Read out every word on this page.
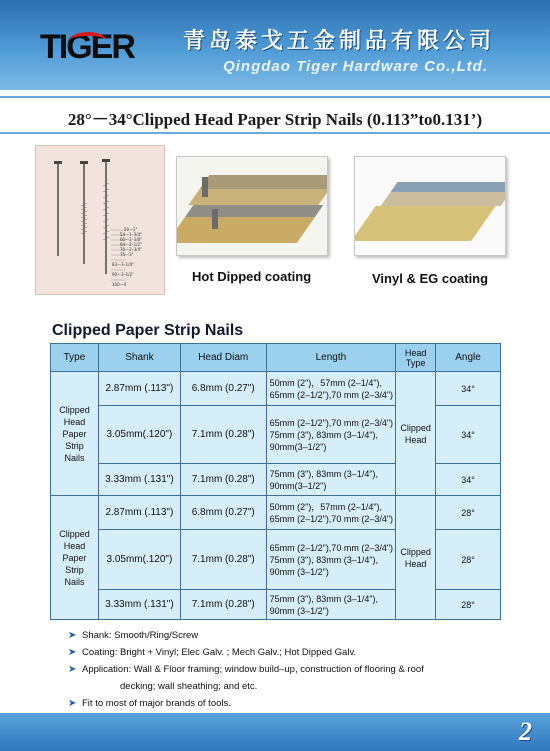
TIGER 青岛泰戈五金制品有限公司
Qingdao Tiger Hardware Co.,Ltd.
28°－34°Clipped Head Paper Strip Nails (0.113”to0.131’)
50—2"
54—1–3/4"
60—2–3/8"
64—2–1/2"
70—2–3/4"
75—3"
83—3–1/4"
90—3–1/2"
100—4
Hot Dipped coating	Vinyl & EG coating
Clipped Paper Strip Nails
Type	Shank	Head Diam	Length	Head Type	Angle
Clipped Head Paper Strip Nails	2.87mm (.113")	6.8mm (0.27")	50mm (2")，57mm (2–1/4"), 65mm (2–1/2"),70 mm (2–3/4")	Clipped Head	34°
	3.05mm(.120")	7.1mm (0.28")	65mm (2–1/2"),70 mm (2–3/4") 75mm (3"), 83mm (3–1/4"), 90mm(3–1/2")		34°
	3.33mm (.131")	7.1mm (0.28")	75mm (3"), 83mm (3–1/4"), 90mm(3–1/2")		34°
Clipped Head Paper Strip Nails	2.87mm (.113")	6.8mm (0.27")	50mm (2")，57mm (2–1/4"), 65mm (2–1/2"),70 mm (2–3/4")	Clipped Head	28°
	3.05mm(.120")	7.1mm (0.28")	65mm (2–1/2"),70 mm (2–3/4") 75mm (3"), 83mm (3–1/4"), 90mm (3–1/2")		28°
	3.33mm (.131")	7.1mm (0.28")	75mm (3"), 83mm (3–1/4"), 90mm (3–1/2")		28°
➤ Shank: Smooth/Ring/Screw
➤ Coating: Bright + Vinyl; Elec Galv. ; Mech Galv.; Hot Dipped Galv.
➤ Application: Wall & Floor framing; window build–up, construction of flooring & roof
decking; wall sheathing; and etc.
➤ Fit to most of major brands of tools.
2
